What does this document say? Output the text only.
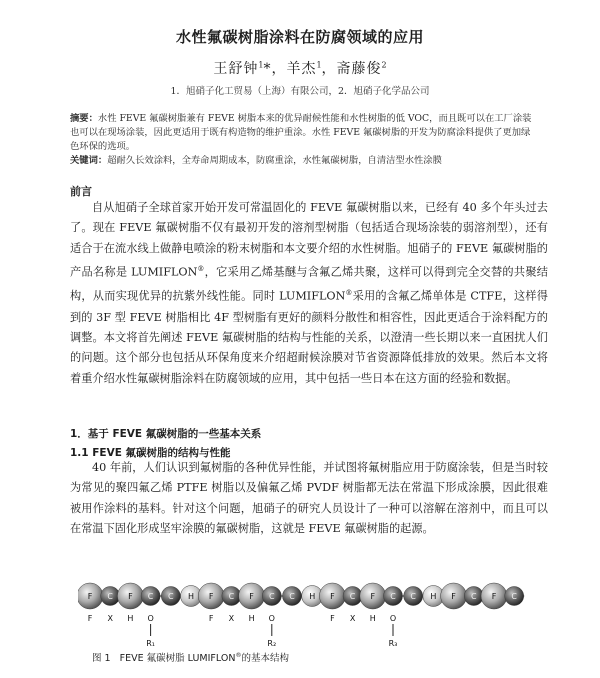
水性氟碳树脂涂料在防腐领域的应用
王舒钟$^1$*，羊杰$^1$，斋藤俊$^2$
1．旭硝子化工贸易（上海）有限公司，2．旭硝子化学品公司
摘要：水性 FEVE 氟碳树脂兼有 FEVE 树脂本来的优异耐候性能和水性树脂的低 VOC，而且既可以在工厂涂装也可以在现场涂装，因此更适用于既有构造物的维护重涂。水性 FEVE 氟碳树脂的开发为防腐涂料提供了更加绿色环保的选项。
关键词：超耐久长效涂料，全寿命周期成本，防腐重涂，水性氟碳树脂，自清洁型水性涂膜
前言
自从旭硝子全球首家开始开发可常温固化的 FEVE 氟碳树脂以来，已经有 40 多个年头过去了。现在 FEVE 氟碳树脂不仅有最初开发的溶剂型树脂（包括适合现场涂装的弱溶剂型），还有适合于在流水线上做静电喷涂的粉末树脂和本文要介绍的水性树脂。旭硝子的 FEVE 氟碳树脂的产品名称是 LUMIFLON®，它采用乙烯基醚与含氟乙烯共聚，这样可以得到完全交替的共聚结构，从而实现优异的抗紫外线性能。同时 LUMIFLON®采用的含氟乙烯单体是 CTFE，这样得到的 3F 型 FEVE 树脂相比 4F 型树脂有更好的颜料分散性和相容性，因此更适合于涂料配方的调整。本文将首先阐述 FEVE 氟碳树脂的结构与性能的关系，以澄清一些长期以来一直困扰人们的问题。这个部分也包括从环保角度来介绍超耐候涂膜对节省资源降低排放的效果。然后本文将着重介绍水性氟碳树脂涂料在防腐领域的应用，其中包括一些日本在这方面的经验和数据。
1．基于 FEVE 氟碳树脂的一些基本关系
1.1 FEVE 氟碳树脂的结构与性能
40 年前，人们认识到氟树脂的各种优异性能，并试图将氟树脂应用于防腐涂装，但是当时较为常见的聚四氟乙烯 PTFE 树脂以及偏氟乙烯 PVDF 树脂都无法在常温下形成涂膜，因此很难被用作涂料的基料。针对这个问题，旭硝子的研究人员设计了一种可以溶解在溶剂中，而且可以在常温下固化形成坚牢涂膜的氟碳树脂，这就是 FEVE 氟碳树脂的起源。
F C F C C H F C F C C H F C F C C H F C F C
F X H O	F X H O	F X H O
R₁	R₂	R₃
图 1 FEVE 氟碳树脂 LUMIFLON®的基本结构
